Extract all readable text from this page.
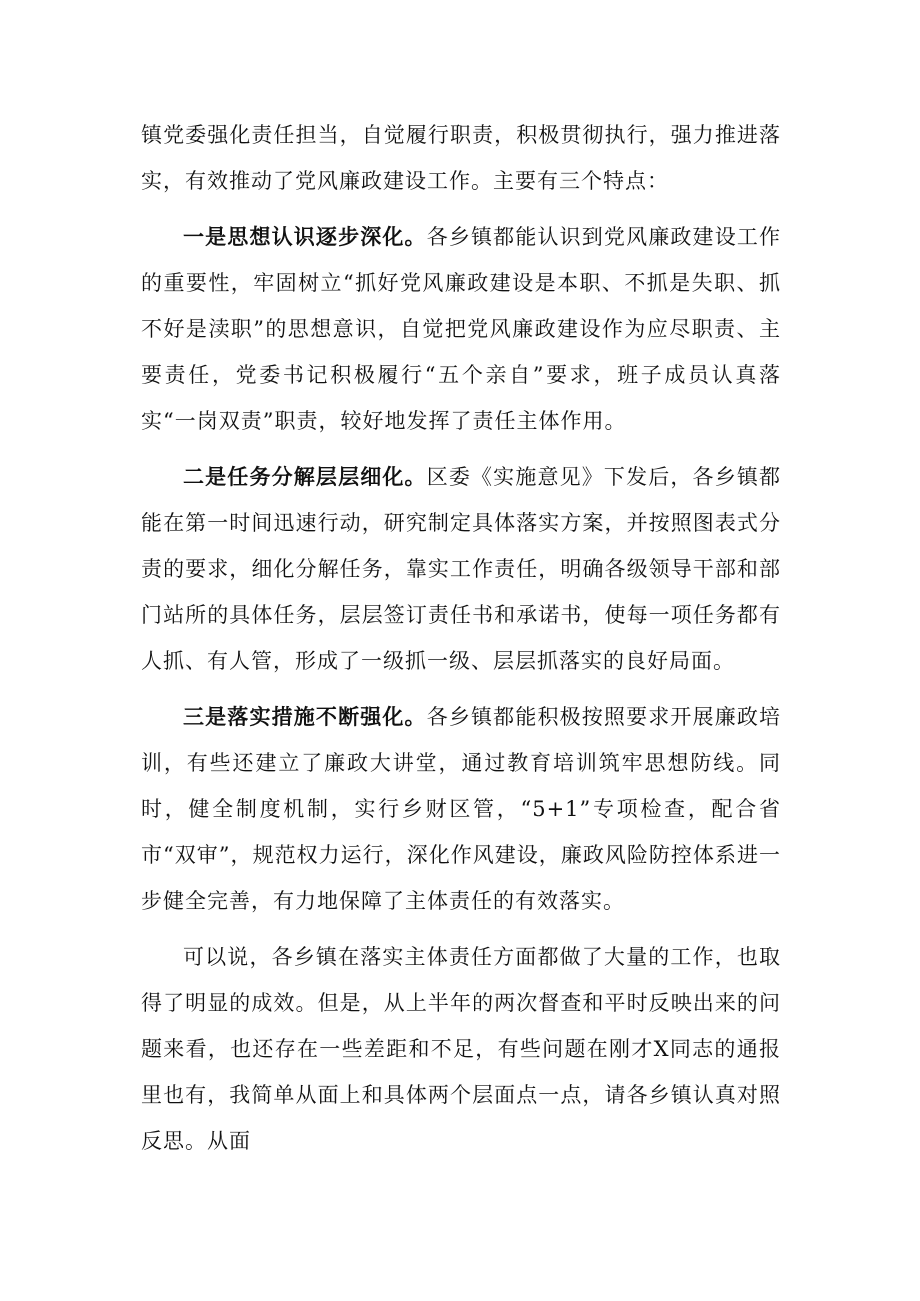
镇党委强化责任担当，自觉履行职责，积极贯彻执行，强力推进落实，有效推动了党风廉政建设工作。主要有三个特点：

一是思想认识逐步深化。各乡镇都能认识到党风廉政建设工作的重要性，牢固树立“抓好党风廉政建设是本职、不抓是失职、抓不好是渎职”的思想意识，自觉把党风廉政建设作为应尽职责、主要责任，党委书记积极履行“五个亲自”要求，班子成员认真落实“一岗双责”职责，较好地发挥了责任主体作用。

二是任务分解层层细化。区委《实施意见》下发后，各乡镇都能在第一时间迅速行动，研究制定具体落实方案，并按照图表式分责的要求，细化分解任务，靠实工作责任，明确各级领导干部和部门站所的具体任务，层层签订责任书和承诺书，使每一项任务都有人抓、有人管，形成了一级抓一级、层层抓落实的良好局面。

三是落实措施不断强化。各乡镇都能积极按照要求开展廉政培训，有些还建立了廉政大讲堂，通过教育培训筑牢思想防线。同时，健全制度机制，实行乡财区管，“5+1”专项检查，配合省市“双审”，规范权力运行，深化作风建设，廉政风险防控体系进一步健全完善，有力地保障了主体责任的有效落实。

可以说，各乡镇在落实主体责任方面都做了大量的工作，也取得了明显的成效。但是，从上半年的两次督查和平时反映出来的问题来看，也还存在一些差距和不足，有些问题在刚才X同志的通报里也有，我简单从面上和具体两个层面点一点，请各乡镇认真对照反思。从面
